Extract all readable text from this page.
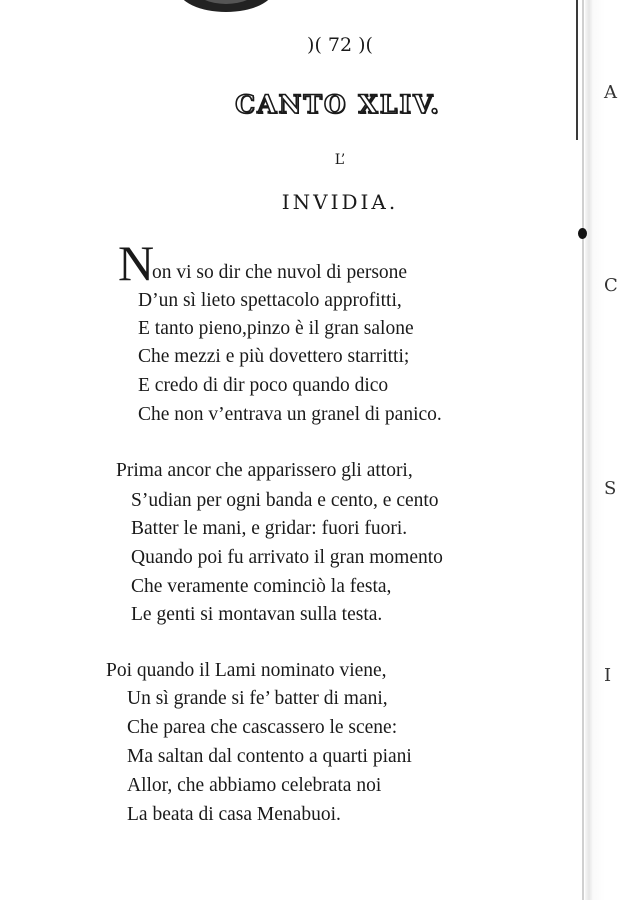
A
C
S
I
)( 72 )(
CANTO XLIV.
L’
INVIDIA.
N
on vi so dir che nuvol di persone
D’un sì lieto spettacolo approfitti,
E tanto pieno,pinzo è il gran salone
Che mezzi e più dovettero starritti;
E credo di dir poco quando dico
Che non v’entrava un granel di panico.
Prima ancor che apparissero gli attori,
S’udian per ogni banda e cento, e cento
Batter le mani, e gridar: fuori fuori.
Quando poi fu arrivato il gran momento
Che veramente cominciò la festa,
Le genti si montavan sulla testa.
Poi quando il Lami nominato viene,
Un sì grande si fe’ batter di mani,
Che parea che cascassero le scene:
Ma saltan dal contento a quarti piani
Allor, che abbiamo celebrata noi
La beata di casa Menabuoi.
